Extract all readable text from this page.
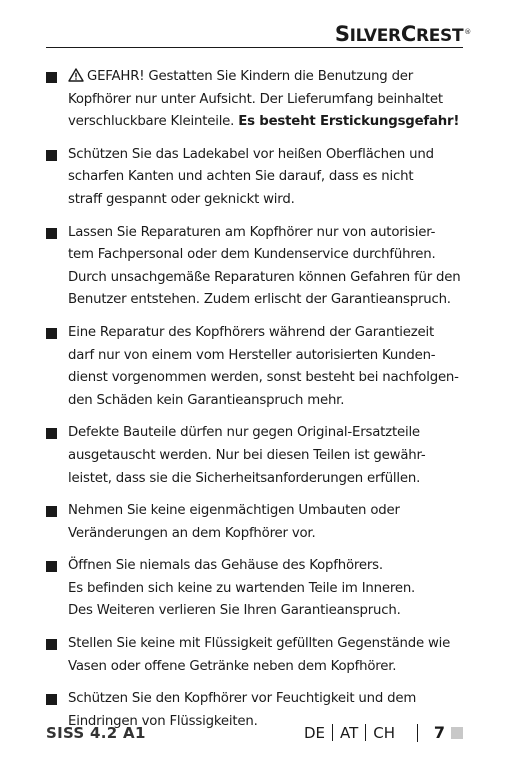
SILVERCREST®
GEFAHR! Gestatten Sie Kindern die Benutzung der
Kopfhörer nur unter Aufsicht. Der Lieferumfang beinhaltet
verschluckbare Kleinteile. Es besteht Erstickungsgefahr!
Schützen Sie das Ladekabel vor heißen Oberflächen und
scharfen Kanten und achten Sie darauf, dass es nicht
straff gespannt oder geknickt wird.
Lassen Sie Reparaturen am Kopfhörer nur von autorisier-
tem Fachpersonal oder dem Kundenservice durchführen.
Durch unsachgemäße Reparaturen können Gefahren für den
Benutzer entstehen. Zudem erlischt der Garantieanspruch.
Eine Reparatur des Kopfhörers während der Garantiezeit
darf nur von einem vom Hersteller autorisierten Kunden-
dienst vorgenommen werden, sonst besteht bei nachfolgen-
den Schäden kein Garantieanspruch mehr.
Defekte Bauteile dürfen nur gegen Original-Ersatzteile
ausgetauscht werden. Nur bei diesen Teilen ist gewähr-
leistet, dass sie die Sicherheitsanforderungen erfüllen.
Nehmen Sie keine eigenmächtigen Umbauten oder
Veränderungen an dem Kopfhörer vor.
Öffnen Sie niemals das Gehäuse des Kopfhörers.
Es befinden sich keine zu wartenden Teile im Inneren.
Des Weiteren verlieren Sie Ihren Garantieanspruch.
Stellen Sie keine mit Flüssigkeit gefüllten Gegenstände wie
Vasen oder offene Getränke neben dem Kopfhörer.
Schützen Sie den Kopfhörer vor Feuchtigkeit und dem
Eindringen von Flüssigkeiten.
SISS 4.2 A1	DE AT CH 7
